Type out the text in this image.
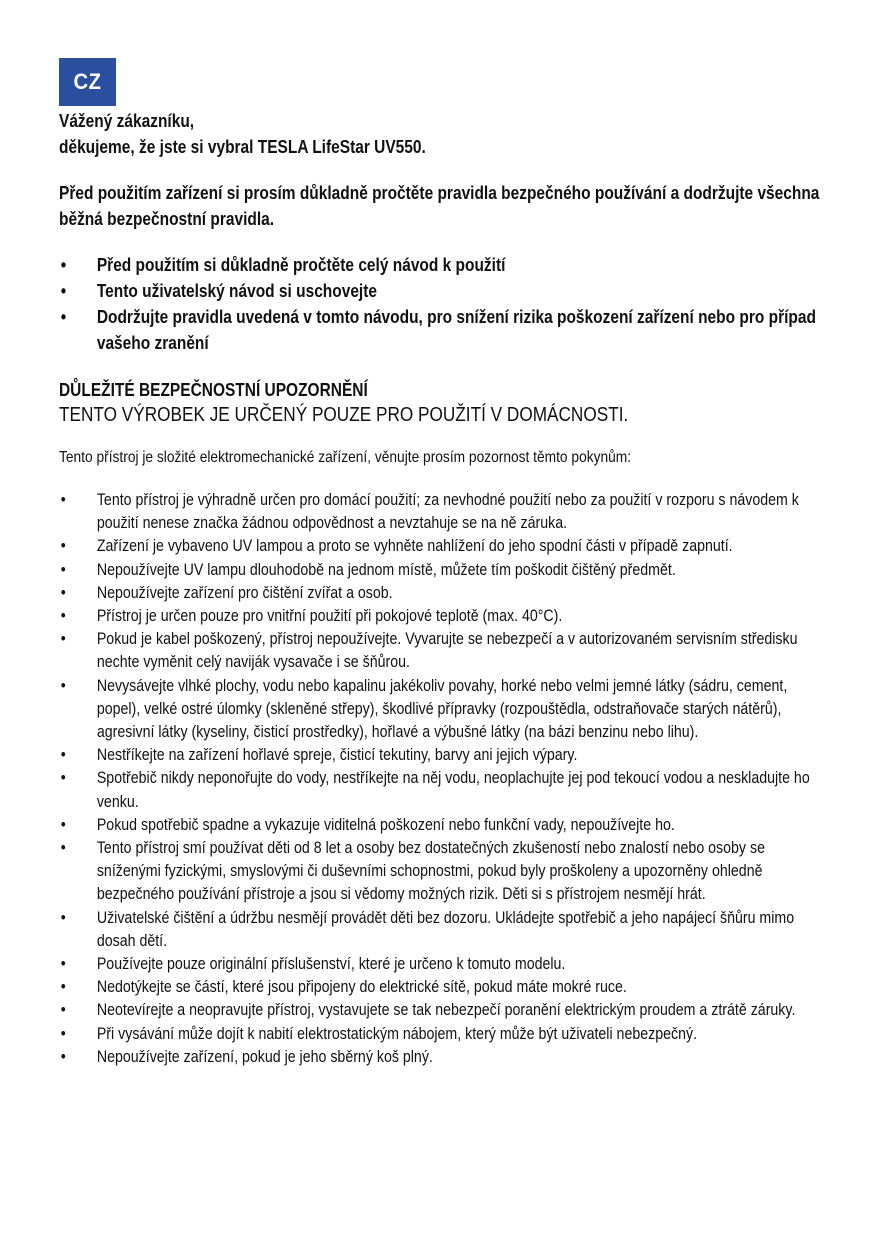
CZ

Vážený zákazníku,

děkujeme, že jste si vybral TESLA LifeStar UV550.

Před použitím zařízení si prosím důkladně pročtěte pravidla bezpečného používání a dodržujte všechna běžná bezpečnostní pravidla.
• Před použitím si důkladně pročtěte celý návod k použití
• Tento uživatelský návod si uschovejte
• Dodržujte pravidla uvedená v tomto návodu, pro snížení rizika poškození zařízení nebo pro případ vašeho zranění
DŮLEŽITÉ BEZPEČNOSTNÍ UPOZORNĚNÍ
TENTO VÝROBEK JE URČENÝ POUZE PRO POUŽITÍ V DOMÁCNOSTI.
Tento přístroj je složité elektromechanické zařízení, věnujte prosím pozornost těmto pokynům:
• Tento přístroj je výhradně určen pro domácí použití; za nevhodné použití nebo za použití v rozporu s návodem k použití nenese značka žádnou odpovědnost a nevztahuje se na ně záruka.
• Zařízení je vybaveno UV lampou a proto se vyhněte nahlížení do jeho spodní části v případě zapnutí.
• Nepoužívejte UV lampu dlouhodobě na jednom místě, můžete tím poškodit čištěný předmět.
• Nepoužívejte zařízení pro čištění zvířat a osob.
• Přístroj je určen pouze pro vnitřní použití při pokojové teplotě (max. 40°C).
• Pokud je kabel poškozený, přístroj nepoužívejte. Vyvarujte se nebezpečí a v autorizovaném servisním středisku nechte vyměnit celý naviják vysavače i se šňůrou.
• Nevysávejte vlhké plochy, vodu nebo kapalinu jakékoliv povahy, horké nebo velmi jemné látky (sádru, cement, popel), velké ostré úlomky (skleněné střepy), škodlivé přípravky (rozpouštědla, odstraňovače starých nátěrů), agresivní látky (kyseliny, čisticí prostředky), hořlavé a výbušné látky (na bázi benzinu nebo lihu).
• Nestříkejte na zařízení hořlavé spreje, čisticí tekutiny, barvy ani jejich výpary.
• Spotřebič nikdy neponořujte do vody, nestříkejte na něj vodu, neoplachujte jej pod tekoucí vodou a neskladujte ho venku.
• Pokud spotřebič spadne a vykazuje viditelná poškození nebo funkční vady, nepoužívejte ho.
• Tento přístroj smí používat děti od 8 let a osoby bez dostatečných zkušeností nebo znalostí nebo osoby se sníženými fyzickými, smyslovými či duševními schopnostmi, pokud byly proškoleny a upozorněny ohledně bezpečného používání přístroje a jsou si vědomy možných rizik. Děti si s přístrojem nesmějí hrát.
• Uživatelské čištění a údržbu nesmějí provádět děti bez dozoru. Ukládejte spotřebič a jeho napájecí šňůru mimo dosah dětí.
• Používejte pouze originální příslušenství, které je určeno k tomuto modelu.
• Nedotýkejte se částí, které jsou připojeny do elektrické sítě, pokud máte mokré ruce.
• Neotevírejte a neopravujte přístroj, vystavujete se tak nebezpečí poranění elektrickým proudem a ztrátě záruky.
• Při vysávání může dojít k nabití elektrostatickým nábojem, který může být uživateli nebezpečný.
• Nepoužívejte zařízení, pokud je jeho sběrný koš plný.
